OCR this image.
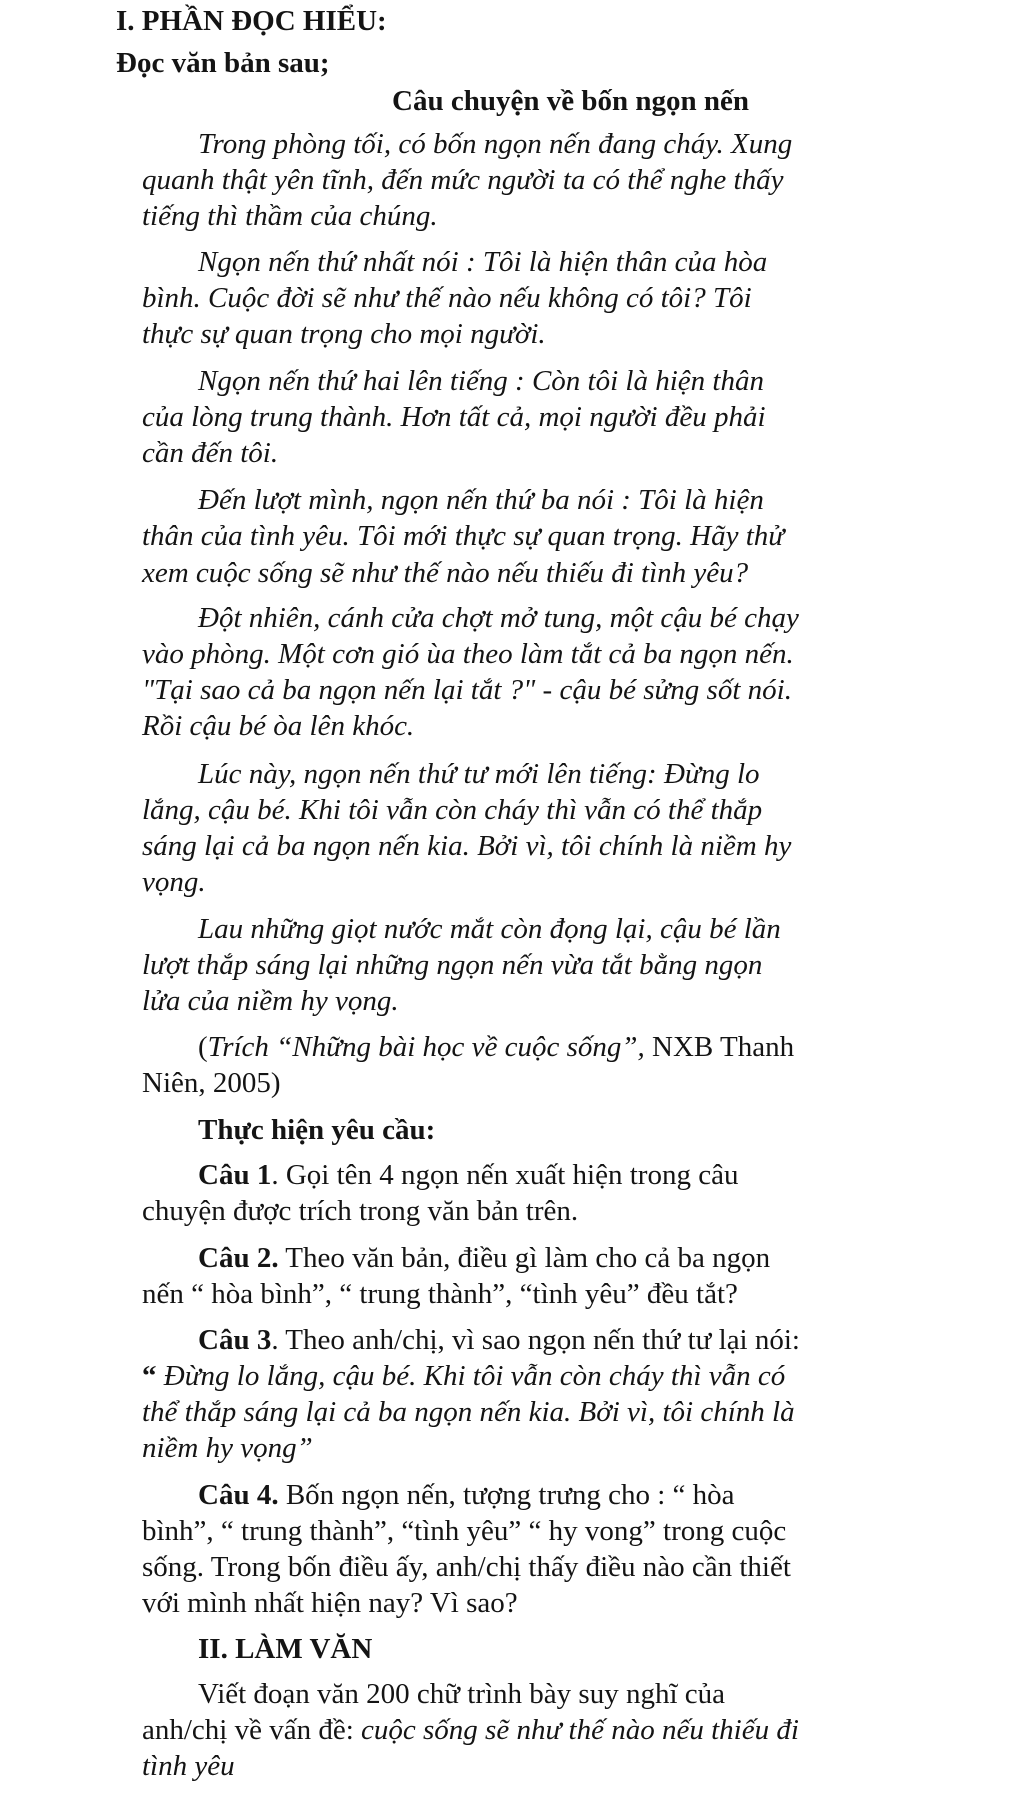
I. PHẦN ĐỌC HIỂU:
Đọc văn bản sau;
Câu chuyện về bốn ngọn nến
Trong phòng tối, có bốn ngọn nến đang cháy. Xung
quanh thật yên tĩnh, đến mức người ta có thể nghe thấy
tiếng thì thầm của chúng.
Ngọn nến thứ nhất nói : Tôi là hiện thân của hòa
bình. Cuộc đời sẽ như thế nào nếu không có tôi? Tôi
thực sự quan trọng cho mọi người.
Ngọn nến thứ hai lên tiếng : Còn tôi là hiện thân
của lòng trung thành. Hơn tất cả, mọi người đều phải
cần đến tôi.
Đến lượt mình, ngọn nến thứ ba nói : Tôi là hiện
thân của tình yêu. Tôi mới thực sự quan trọng. Hãy thử
xem cuộc sống sẽ như thế nào nếu thiếu đi tình yêu?
Đột nhiên, cánh cửa chợt mở tung, một cậu bé chạy
vào phòng. Một cơn gió ùa theo làm tắt cả ba ngọn nến.
"Tại sao cả ba ngọn nến lại tắt ?" - cậu bé sửng sốt nói.
Rồi cậu bé òa lên khóc.
Lúc này, ngọn nến thứ tư mới lên tiếng: Đừng lo
lắng, cậu bé. Khi tôi vẫn còn cháy thì vẫn có thể thắp
sáng lại cả ba ngọn nến kia. Bởi vì, tôi chính là niềm hy
vọng.
Lau những giọt nước mắt còn đọng lại, cậu bé lần
lượt thắp sáng lại những ngọn nến vừa tắt bằng ngọn
lửa của niềm hy vọng.
(Trích “Những bài học về cuộc sống”, NXB Thanh
Niên, 2005)
Thực hiện yêu cầu:
Câu 1. Gọi tên 4 ngọn nến xuất hiện trong câu
chuyện được trích trong văn bản trên.
Câu 2. Theo văn bản, điều gì làm cho cả ba ngọn
nến “ hòa bình”, “ trung thành”, “tình yêu” đều tắt?
Câu 3. Theo anh/chị, vì sao ngọn nến thứ tư lại nói:
“ Đừng lo lắng, cậu bé. Khi tôi vẫn còn cháy thì vẫn có
thể thắp sáng lại cả ba ngọn nến kia. Bởi vì, tôi chính là
niềm hy vọng”
Câu 4. Bốn ngọn nến, tượng trưng cho : “ hòa
bình”, “ trung thành”, “tình yêu” “ hy vong” trong cuộc
sống. Trong bốn điều ấy, anh/chị thấy điều nào cần thiết
với mình nhất hiện nay? Vì sao?
II. LÀM VĂN
Viết đoạn văn 200 chữ trình bày suy nghĩ của
anh/chị về vấn đề: cuộc sống sẽ như thế nào nếu thiếu đi
tình yêu
